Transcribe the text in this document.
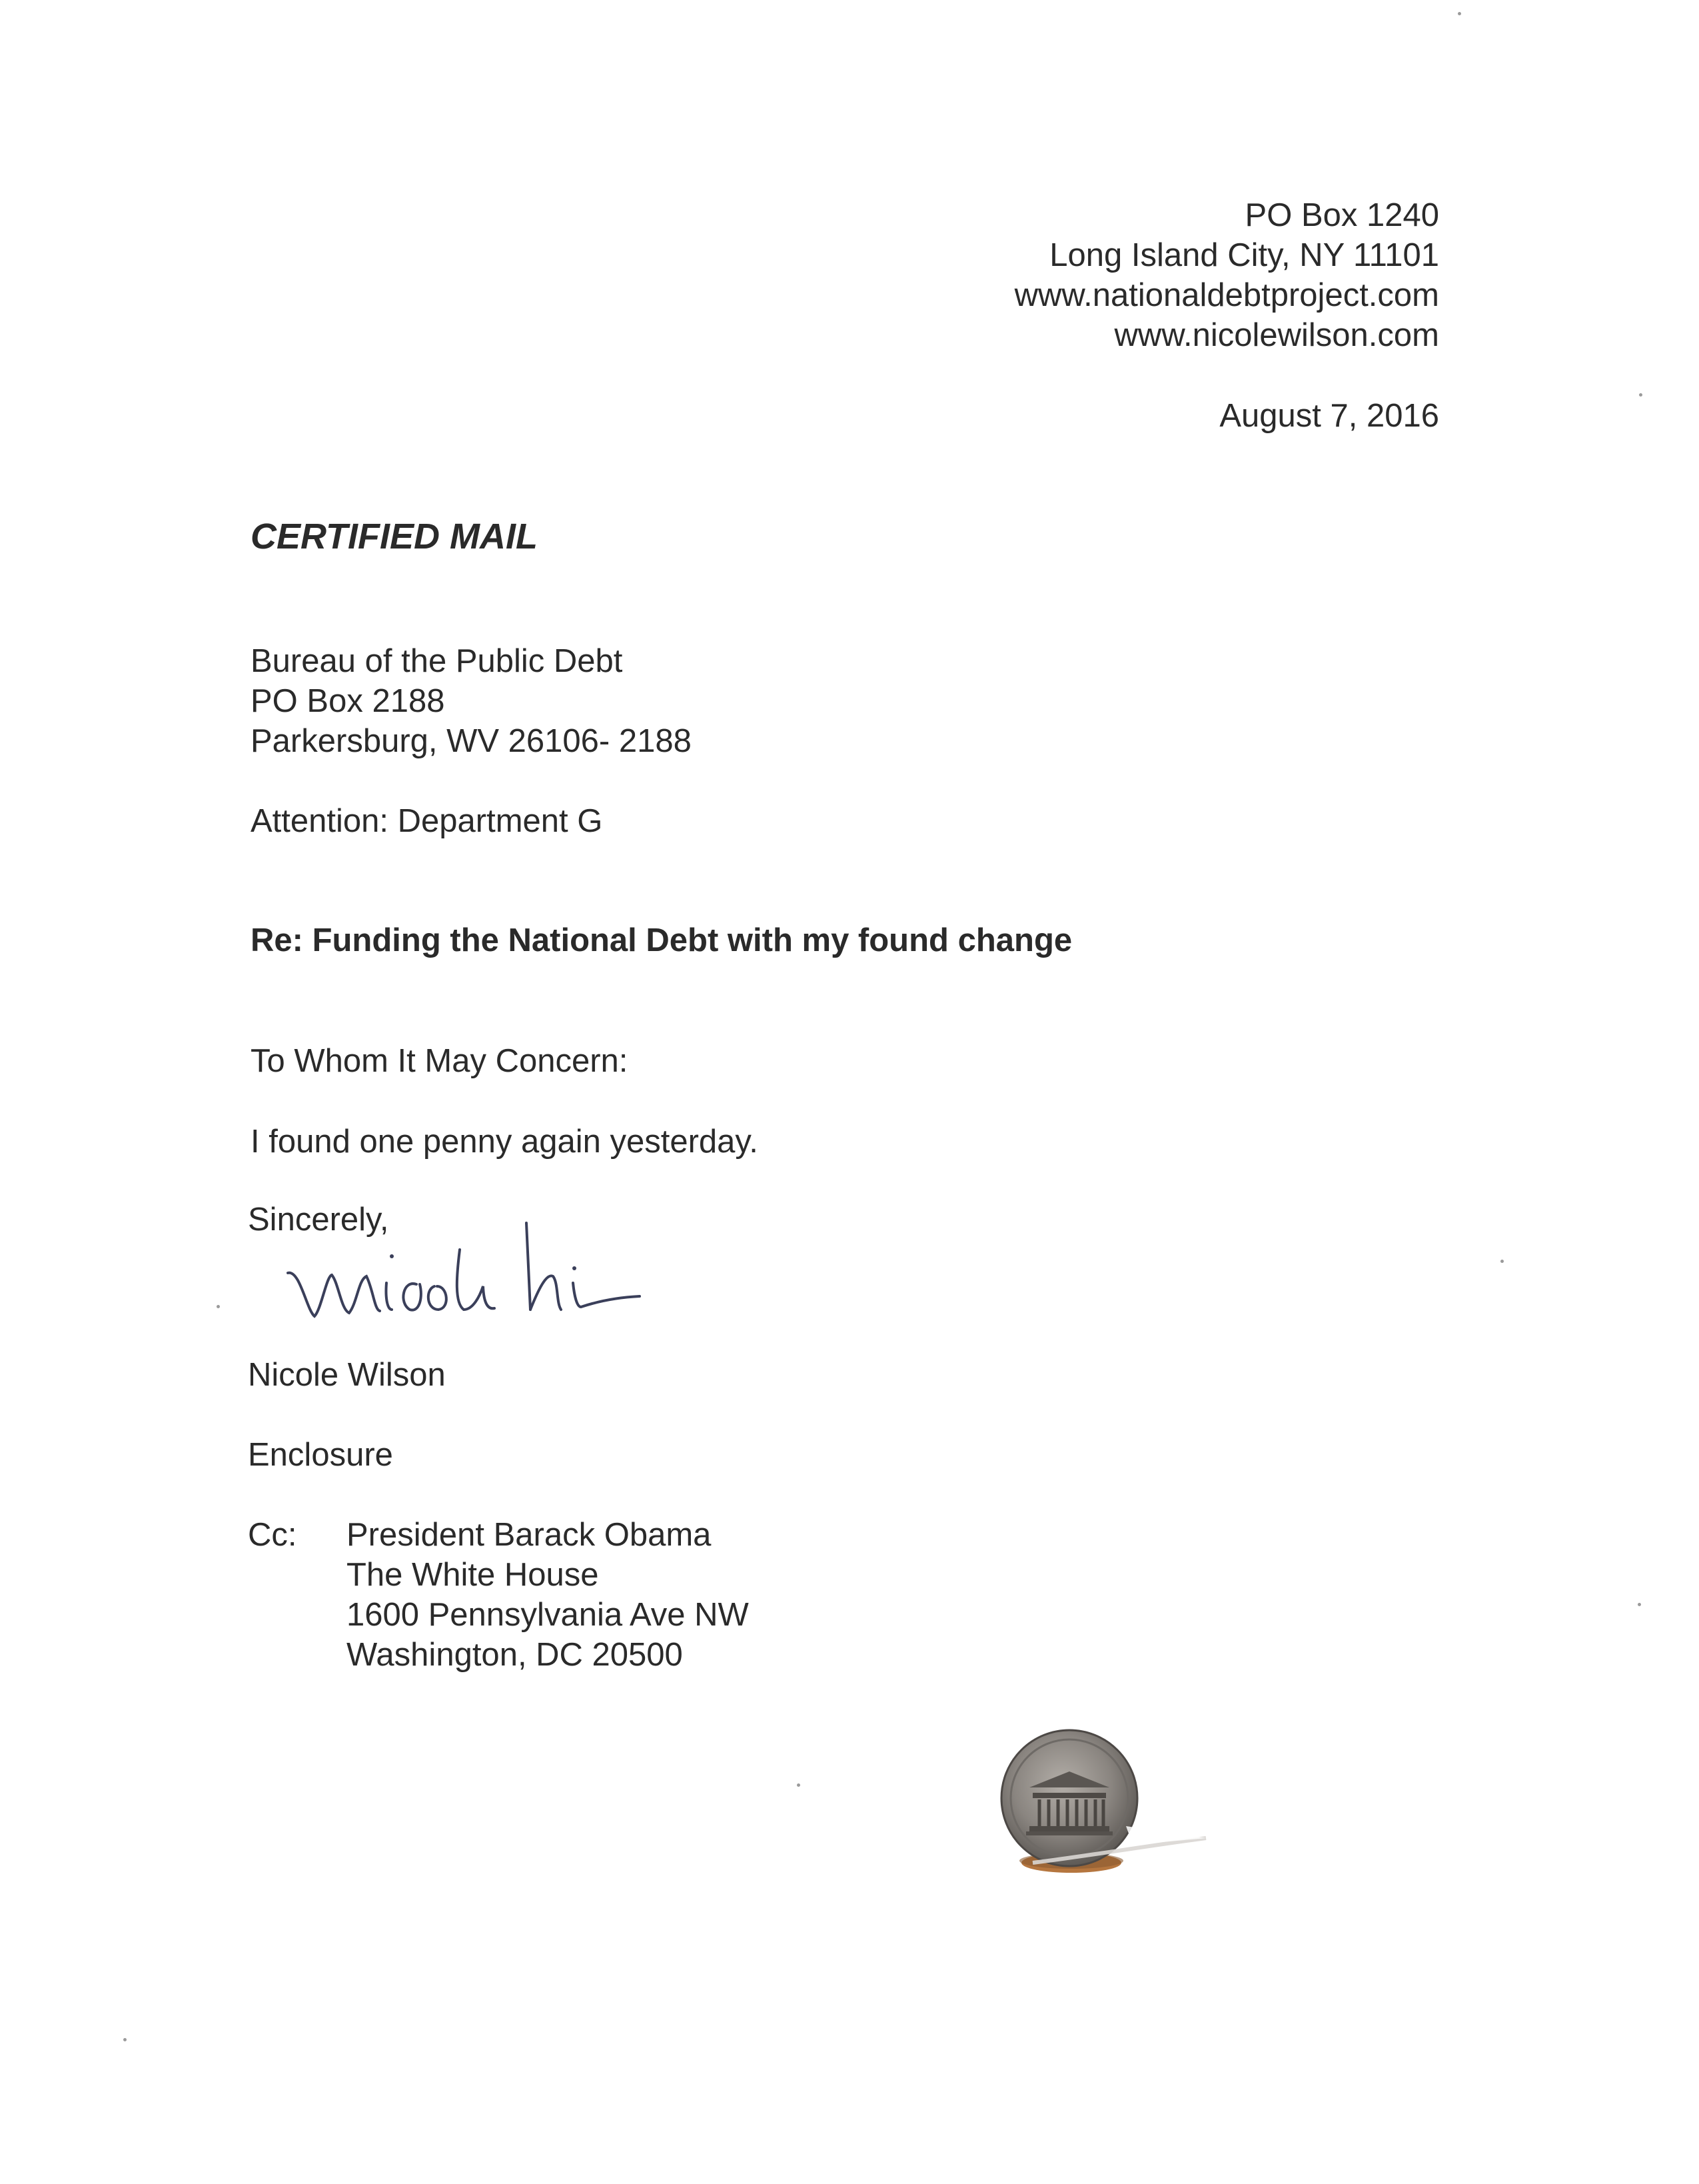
PO Box 1240
Long Island City, NY 11101
www.nationaldebtproject.com
www.nicolewilson.com
August 7, 2016
CERTIFIED MAIL
Bureau of the Public Debt
PO Box 2188
Parkersburg, WV 26106- 2188
Attention: Department G
Re: Funding the National Debt with my found change
To Whom It May Concern:
I found one penny again yesterday.
Sincerely,
Nicole Wilson
Enclosure
Cc: President Barack Obama
The White House
1600 Pennsylvania Ave NW
Washington, DC 20500
